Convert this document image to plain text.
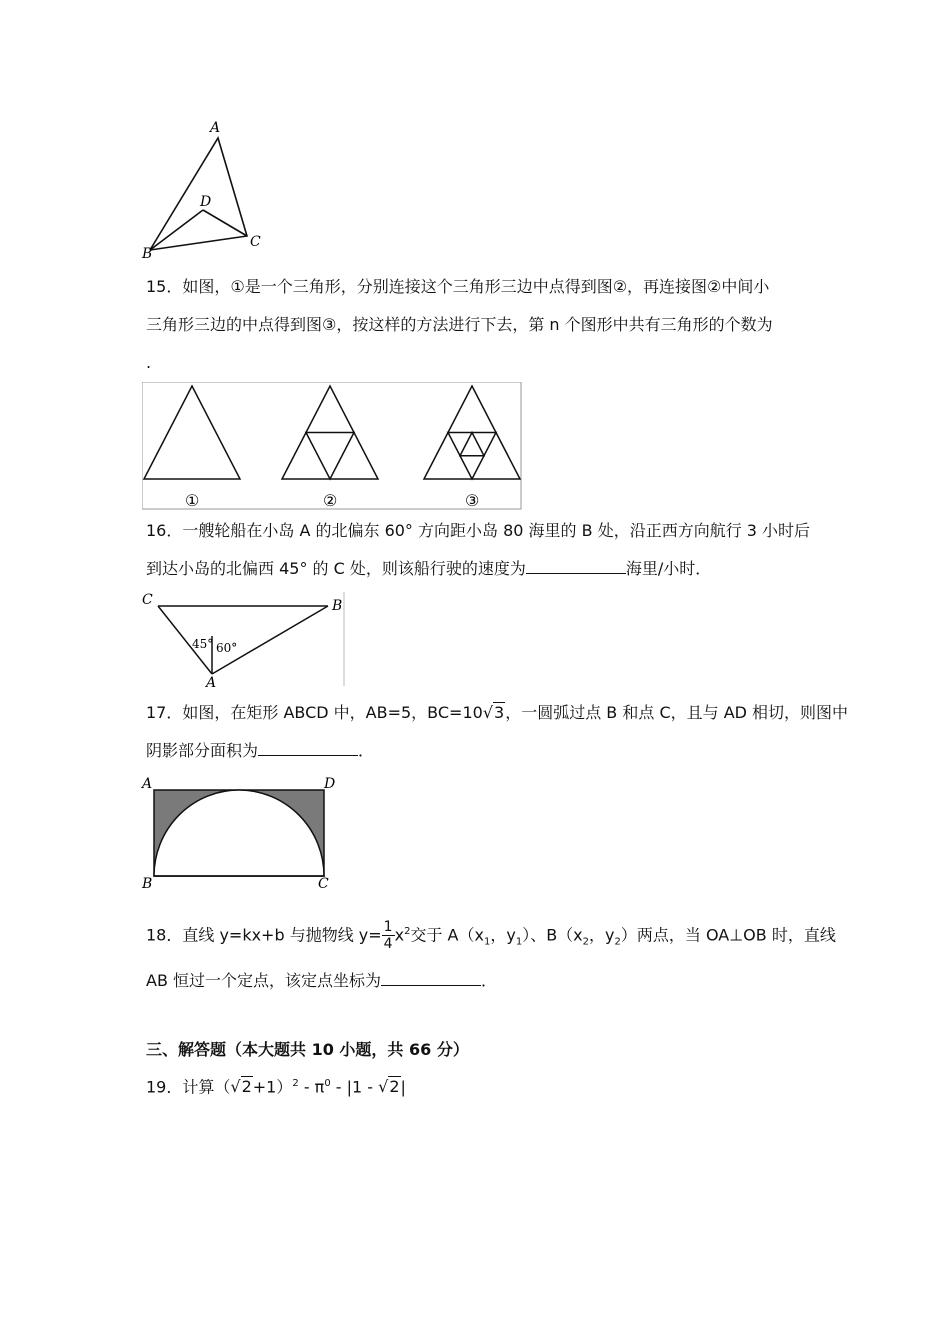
A
B
C
D
15．如图，①是一个三角形，分别连接这个三角形三边中点得到图②，再连接图②中间小
三角形三边的中点得到图③，按这样的方法进行下去，第 n 个图形中共有三角形的个数为
.
①	②	③
16．一艘轮船在小岛 A 的北偏东 60° 方向距小岛 80 海里的 B 处，沿正西方向航行 3 小时后
到达小岛的北偏西 45° 的 C 处，则该船行驶的速度为	海里/小时．
C	B
A
45° 60°
17．如图，在矩形 ABCD 中，AB=5，BC=10√3，一圆弧过点 B 和点 C，且与 AD 相切，则图中
阴影部分面积为	．
A	D
B	C
18．直线 y=kx+b 与抛物线 $y= \frac{1}{4} x^2$交于 $A(x_1$，$y_1$）、$B(x_2$，$y_2$）两点，当 OA⊥OB 时，直线
AB 恒过一个定点，该定点坐标为	．
三、解答题（本大题共 10 小题，共 66 分）
19．计算$(√2+1)^2 - \pi^0 - |1 - √2|$
